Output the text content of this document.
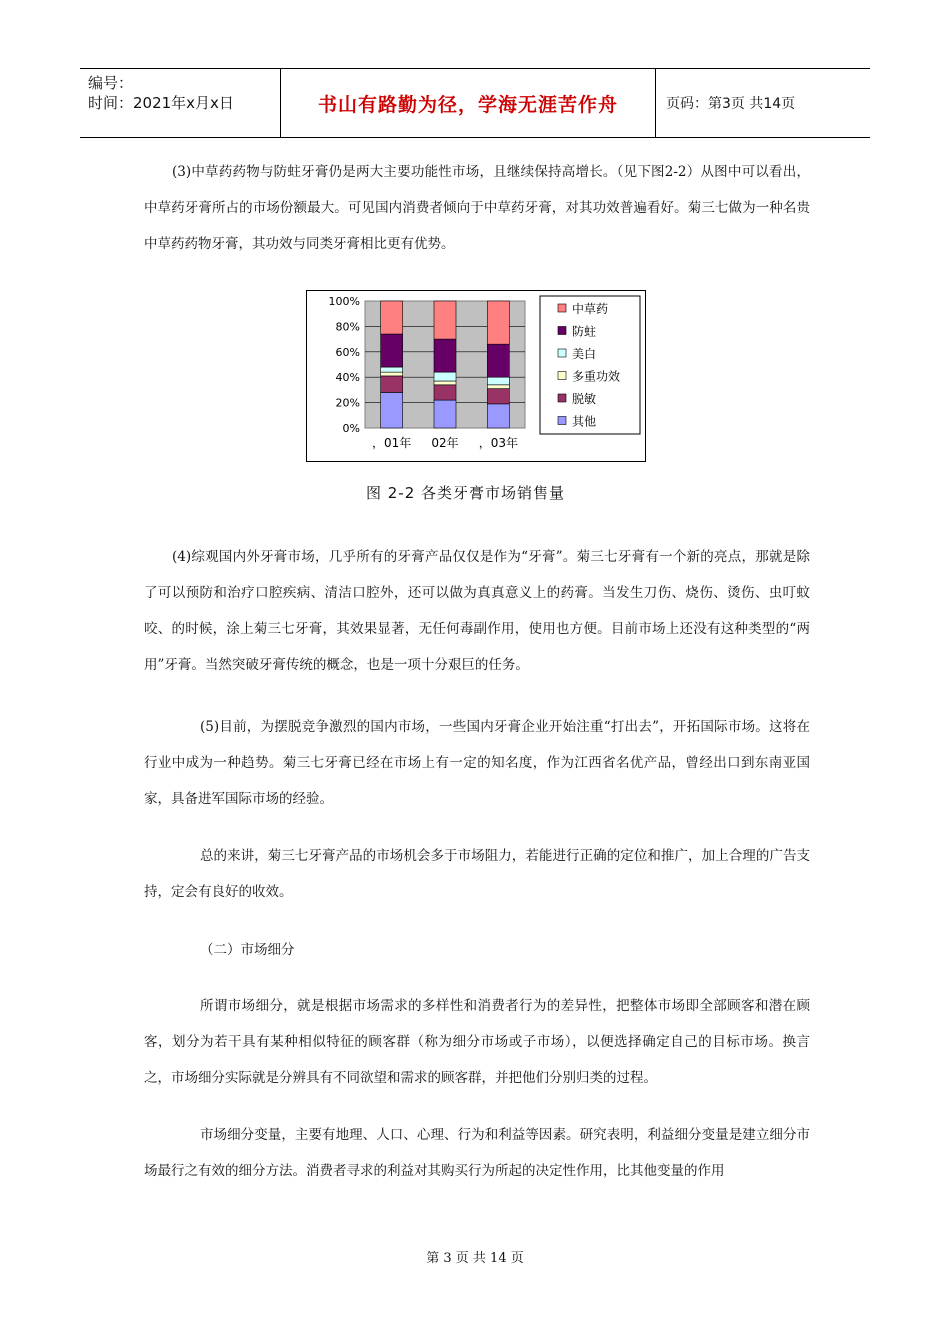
编号：
时间：2021年x月x日	书山有路勤为径，学海无涯苦作舟	页码：第3页 共14页

(3)中草药药物与防蛀牙膏仍是两大主要功能性市场，且继续保持高增长。（见下图2-2）从图中可以看出，中草药牙膏所占的市场份额最大。可见国内消费者倾向于中草药牙膏，对其功效普遍看好。菊三七做为一种名贵中草药药物牙膏，其功效与同类牙膏相比更有优势。

100%
80%
60%
40%
20%
0%
，01年 02年 ，03年
中草药
防蛀
美白
多重功效
脱敏
其他
图 2-2 各类牙膏市场销售量

(4)综观国内外牙膏市场，几乎所有的牙膏产品仅仅是作为“牙膏”。菊三七牙膏有一个新的亮点，那就是除了可以预防和治疗口腔疾病、清洁口腔外，还可以做为真真意义上的药膏。当发生刀伤、烧伤、烫伤、虫叮蚊咬、的时候，涂上菊三七牙膏，其效果显著，无任何毒副作用，使用也方便。目前市场上还没有这种类型的“两用”牙膏。当然突破牙膏传统的概念，也是一项十分艰巨的任务。

(5)目前，为摆脱竞争激烈的国内市场，一些国内牙膏企业开始注重“打出去”，开拓国际市场。这将在行业中成为一种趋势。菊三七牙膏已经在市场上有一定的知名度，作为江西省名优产品，曾经出口到东南亚国家，具备进军国际市场的经验。

总的来讲，菊三七牙膏产品的市场机会多于市场阻力，若能进行正确的定位和推广，加上合理的广告支持，定会有良好的收效。

（二）市场细分

所谓市场细分，就是根据市场需求的多样性和消费者行为的差异性，把整体市场即全部顾客和潜在顾客，划分为若干具有某种相似特征的顾客群（称为细分市场或子市场），以便选择确定自己的目标市场。换言之，市场细分实际就是分辨具有不同欲望和需求的顾客群，并把他们分别归类的过程。

市场细分变量，主要有地理、人口、心理、行为和利益等因素。研究表明，利益细分变量是建立细分市场最行之有效的细分方法。消费者寻求的利益对其购买行为所起的决定性作用，比其他变量的作用

第 3 页 共 14 页
